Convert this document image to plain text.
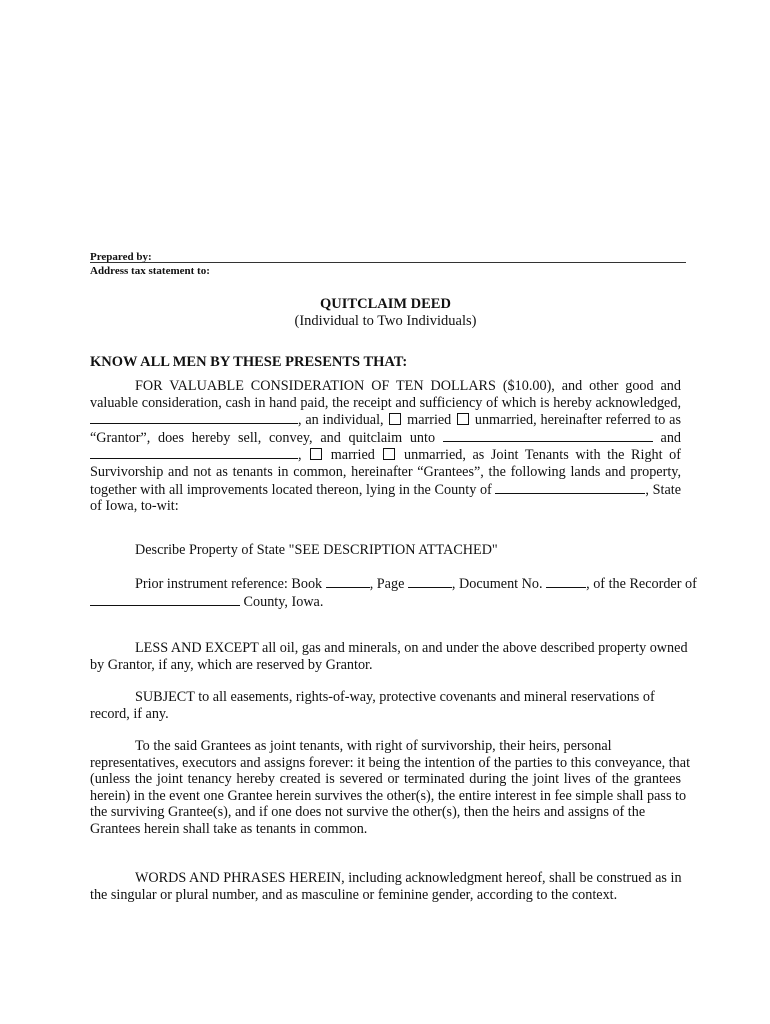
Prepared by:
Address tax statement to:
QUITCLAIM DEED
(Individual to Two Individuals)
KNOW ALL MEN BY THESE PRESENTS THAT:
FOR VALUABLE CONSIDERATION OF TEN DOLLARS ($10.00), and other good and
valuable consideration, cash in hand paid, the receipt and sufficiency of which is hereby acknowledged,
, an individual, married unmarried, hereinafter referred to as
“Grantor”, does hereby sell, convey, and quitclaim unto	and
, married unmarried, as Joint Tenants with the Right of
Survivorship and not as tenants in common, hereinafter “Grantees”, the following lands and property,
together with all improvements located thereon, lying in the County of	, State
of Iowa, to-wit:
Describe Property of State "SEE DESCRIPTION ATTACHED"
Prior instrument reference: Book	, Page	, Document No.	, of the Recorder of
County, Iowa.
LESS AND EXCEPT all oil, gas and minerals, on and under the above described property owned
by Grantor, if any, which are reserved by Grantor.
SUBJECT to all easements, rights-of-way, protective covenants and mineral reservations of
record, if any.
To the said Grantees as joint tenants, with right of survivorship, their heirs, personal
representatives, executors and assigns forever: it being the intention of the parties to this conveyance, that
(unless the joint tenancy hereby created is severed or terminated during the joint lives of the grantees
herein) in the event one Grantee herein survives the other(s), the entire interest in fee simple shall pass to
the surviving Grantee(s), and if one does not survive the other(s), then the heirs and assigns of the
Grantees herein shall take as tenants in common.
WORDS AND PHRASES HEREIN, including acknowledgment hereof, shall be construed as in
the singular or plural number, and as masculine or feminine gender, according to the context.
